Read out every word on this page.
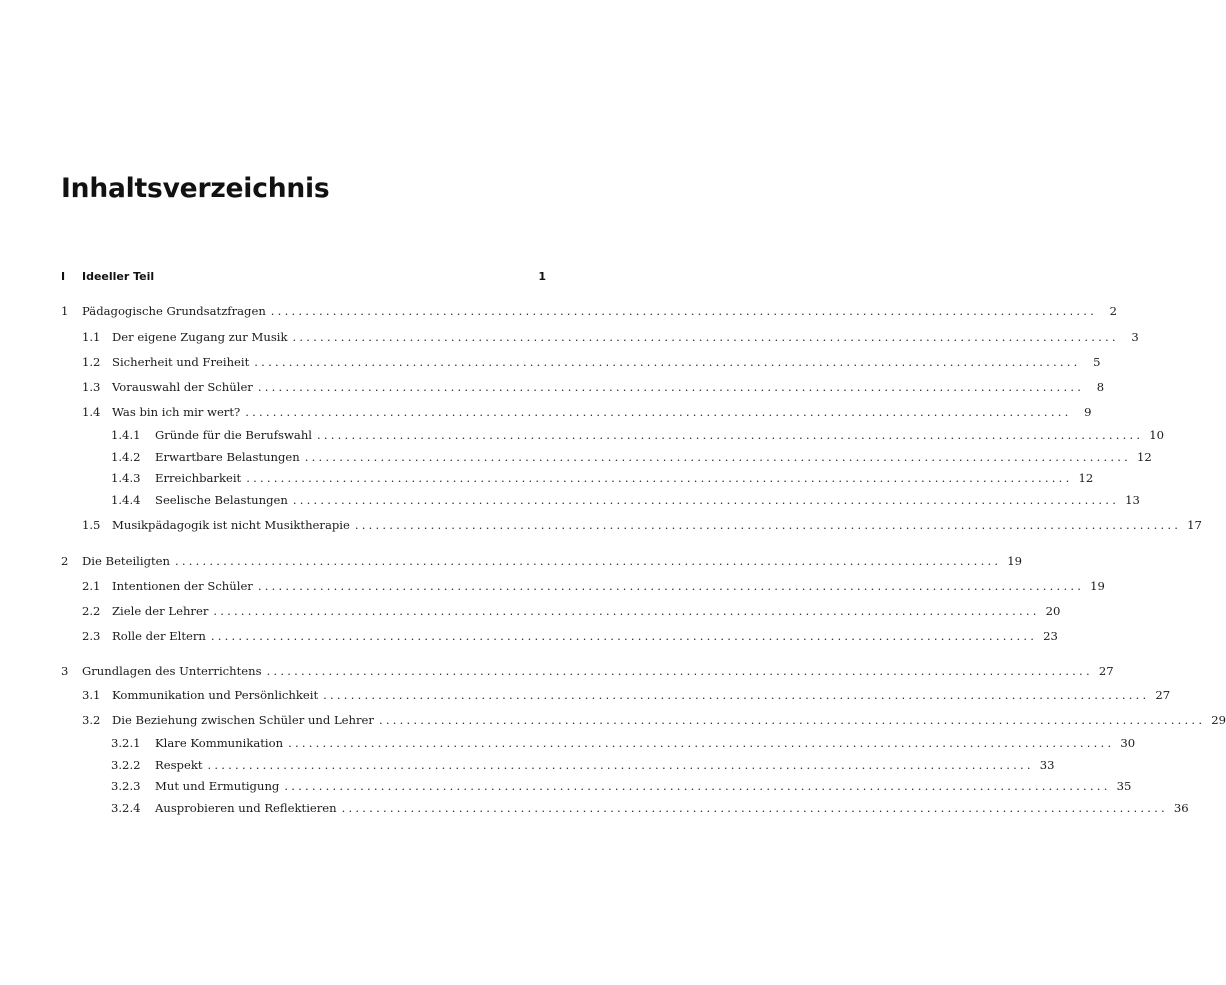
Inhaltsverzeichnis
I	Ideeller Teil	1
1	Pädagogische Grundsatzfragen ........................................................................................................................	2
1.1 Der eigene Zugang zur Musik ........................................................................................................................	3
1.2 Sicherheit und Freiheit ........................................................................................................................	5
1.3 Vorauswahl der Schüler ........................................................................................................................	8
1.4 Was bin ich mir wert? ........................................................................................................................	9
1.4.1	Gründe für die Berufswahl ........................................................................................................................ 10
1.4.2	Erwartbare Belastungen ........................................................................................................................ 12
1.4.3	Erreichbarkeit ........................................................................................................................ 12
1.4.4	Seelische Belastungen ........................................................................................................................ 13
1.5 Musikpädagogik ist nicht Musiktherapie ........................................................................................................................ 17
2	Die Beteiligten ........................................................................................................................ 19
2.1 Intentionen der Schüler ........................................................................................................................ 19
2.2 Ziele der Lehrer ........................................................................................................................ 20
2.3 Rolle der Eltern ........................................................................................................................ 23
3	Grundlagen des Unterrichtens ........................................................................................................................ 27
3.1 Kommunikation und Persönlichkeit ........................................................................................................................ 27
3.2 Die Beziehung zwischen Schüler und Lehrer ........................................................................................................................ 29
3.2.1	Klare Kommunikation ........................................................................................................................ 30
3.2.2	Respekt ........................................................................................................................ 33
3.2.3	Mut und Ermutigung ........................................................................................................................ 35
3.2.4	Ausprobieren und Reflektieren ........................................................................................................................ 36
